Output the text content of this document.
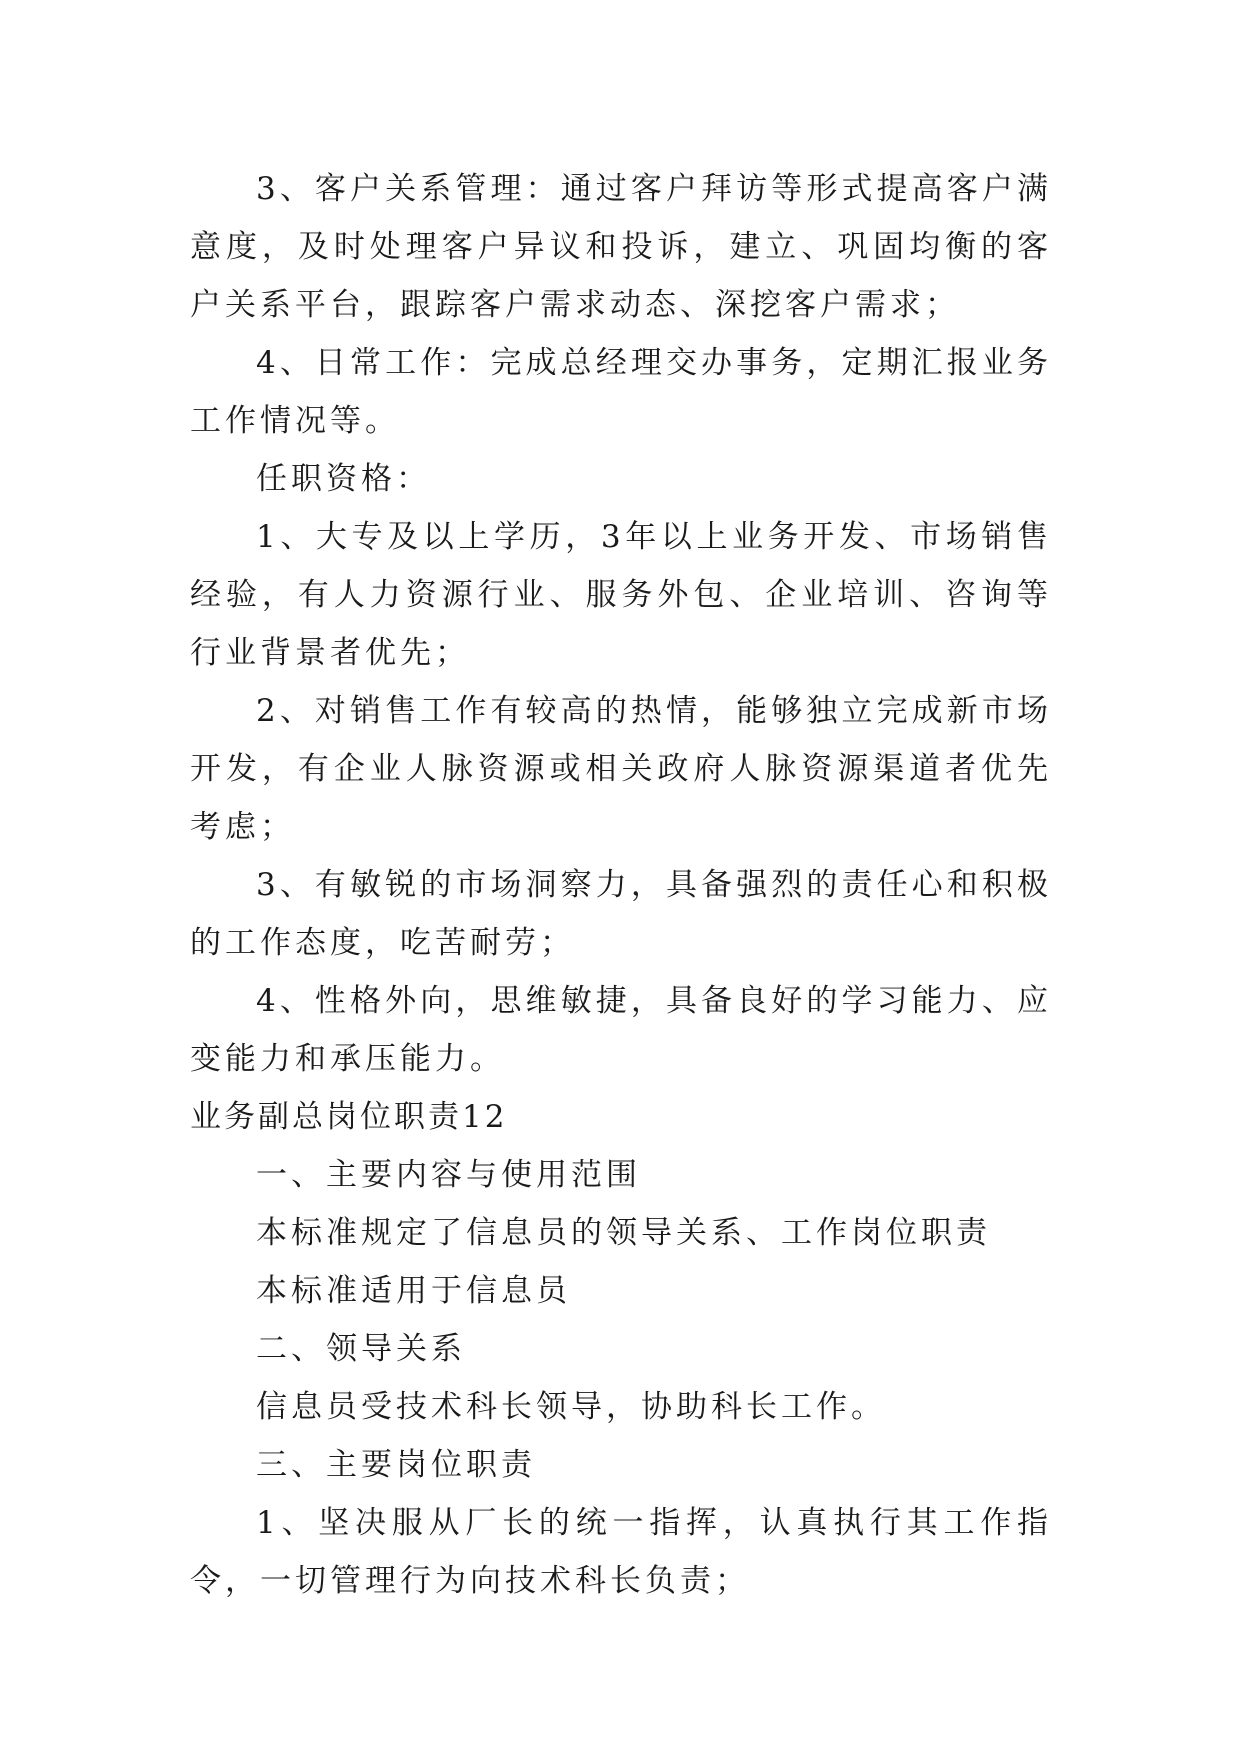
3、客户关系管理：通过客户拜访等形式提高客户满意度，及时处理客户异议和投诉，建立、巩固均衡的客户关系平台，跟踪客户需求动态、深挖客户需求；

4、日常工作：完成总经理交办事务，定期汇报业务工作情况等。

任职资格：

1、大专及以上学历，3年以上业务开发、市场销售经验，有人力资源行业、服务外包、企业培训、咨询等行业背景者优先；

2、对销售工作有较高的热情，能够独立完成新市场开发，有企业人脉资源或相关政府人脉资源渠道者优先考虑；

3、有敏锐的市场洞察力，具备强烈的责任心和积极的工作态度，吃苦耐劳；

4、性格外向，思维敏捷，具备良好的学习能力、应变能力和承压能力。

业务副总岗位职责12

一、主要内容与使用范围

本标准规定了信息员的领导关系、工作岗位职责

本标准适用于信息员

二、领导关系

信息员受技术科长领导，协助科长工作。

三、主要岗位职责

1、坚决服从厂长的统一指挥，认真执行其工作指令，一切管理行为向技术科长负责；
